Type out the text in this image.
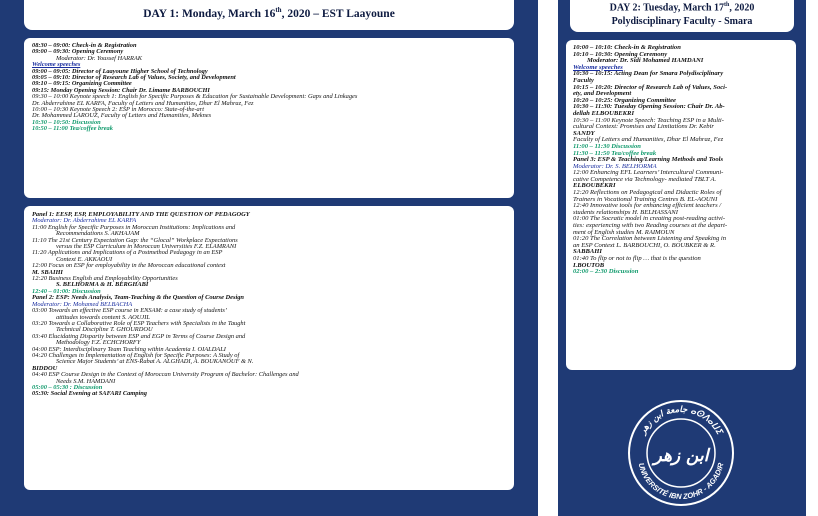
DAY 1: Monday, March 16th, 2020 – EST Laayoune
08:30 – 09:00: Check-in & Registration
09:00 – 09:30: Opening Ceremony
Moderator: Dr. Youssef HARRAK
Welcome speeches
09:00 – 09:05: Director of Laayoune Higher School of Technology
09:05 – 09:10: Director of Research Lab of Values, Society, and Development
09:10 – 09:15: Organizing Committee
09:15: Monday Opening Session: Chair Dr. Limame BARBOUCHI
09:30 – 10:00 Keynote speech 1: English for Specific Purposes & Education for Sustainable Development: Gaps and Linkages
Dr. Abderrahime EL KARFA, Faculty of Letters and Humanities, Dhar El Mahraz, Fez
10:00 – 10:30 Keynote Speech 2: ESP in Morocco: State-of-the-art
Dr. Mohammed LAROUZ, Faculty of Letters and Humanities, Meknes
10:30 – 10:50: Discussion
10:50 – 11:00 Tea/coffee break
Panel 1: EESP, ESP, EMPLOYABILITY AND THE QUESTION OF PEDAGOGY
Moderator: Dr. Abderrahime EL KARFA
11:00 English for Specific Purposes in Moroccan Institutions: Implications and
Recommendations S. AKHAJAM
11:10 The 21st Century Expectation Gap: the “Glocal” Workplace Expectations
versus the ESP Curriculum in Moroccan Universities F.Z. ELAMRANI
11:20 Applications and Implications of a Postmethod Pedagogy in an ESP
Context E. AKKAOUI
12:00 Focus on ESP for employability in the Moroccan educational context
M. SBAIHI
12:20 Business English and Employability Opportunities
S. BELHORMA & H. BERGHABI
12:40 – 01:00: Discussion
Panel 2: ESP: Needs Analysis, Team-Teaching & the Question of Course Design
Moderator: Dr. Mohamed BELBACHA
03:00 Towards an effective ESP course in ENSAM: a case study of students’
attitudes towards content S. AOUJIL
03:20 Towards a Collaborative Role of ESP Teachers with Specialists in the Taught
Technical Discipline T. GHOURDOU
03:40 Elucidating Disparity between ESP and EGP in Terms of Course Design and
Methodology F.Z. ECHCHORFY
04:00 ESP: Interdisciplinary Team Teaching within Academia I. OIALDALI
04:20 Challenges in Implementation of English for Specific Purposes: A Study of
Science Major Students’ at ENS-Rabat A. ALGHADI, A. BOUKANOUF & N.
BIDDOU
04:40 ESP Course Design in the Context of Moroccan University Program of Bachelor: Challenges and
Needs S.M. HAMDANI
05:00 – 05:30 : Discussion
05:30: Social Evening at SAFARI Camping
DAY 2: Tuesday, March 17th, 2020
Polydisciplinary Faculty - Smara
10:00 – 10:10: Check-in & Registration
10:10 – 10:30: Opening Ceremony
Moderator: Dr. Sidi Mohamed HAMDANI
Welcome speeches
10:30 – 10:15: Acting Dean for Smara Polydisciplinary
Faculty
10:15 – 10:20: Director of Research Lab of Values, Soci-
ety, and Development
10:20 – 10:25: Organizing Committee
10:30 – 11:30: Tuesday Opening Session: Chair Dr. Ab-
dellah ELBOUBEKRI
10:30 – 11:00 Keynote Speech: Teaching ESP in a Multi-
cultural Context: Promises and Limitations Dr. Kebir
SANDY
Faculty of Letters and Humanities, Dhar El Mahraz, Fez
11:00 – 11:30 Discussion
11:30 – 11:50 Tea/coffee break
Panel 3: ESP & Teaching/Learning Methods and Tools
Moderator: Dr. S. BELHORMA
12:00 Enhancing EFL Learners’ Intercultural Communi-
cative Competence via Technology- mediated TBLT A.
ELBOUBEKRI
12:20 Reflections on Pedagogical and Didactic Roles of
Trainers in Vocational Training Centres B. EL-AOUNI
12:40 Innovative tools for enhancing efficient teachers /
students relationships H. BELHASSANI
01:00 The Socratic model in creating post-reading activi-
ties: experiencing with two Reading courses at the depart-
ment of English studies M. RAIMOUN
01:20 The Correlation between Listening and Speaking in
an ESP Context L. BARBOUCHI, O. BOUBKER & R.
SABBAHI
01:40 To flip or not to flip … that is the question
I.BOUTOB
02:00 – 2:30 Discussion
جامعة ابن زهر ⴰⵙⴷⴰⵡⵉ
UNIVERSITÉ IBN ZOHR - AGADIR
ابن زهر
